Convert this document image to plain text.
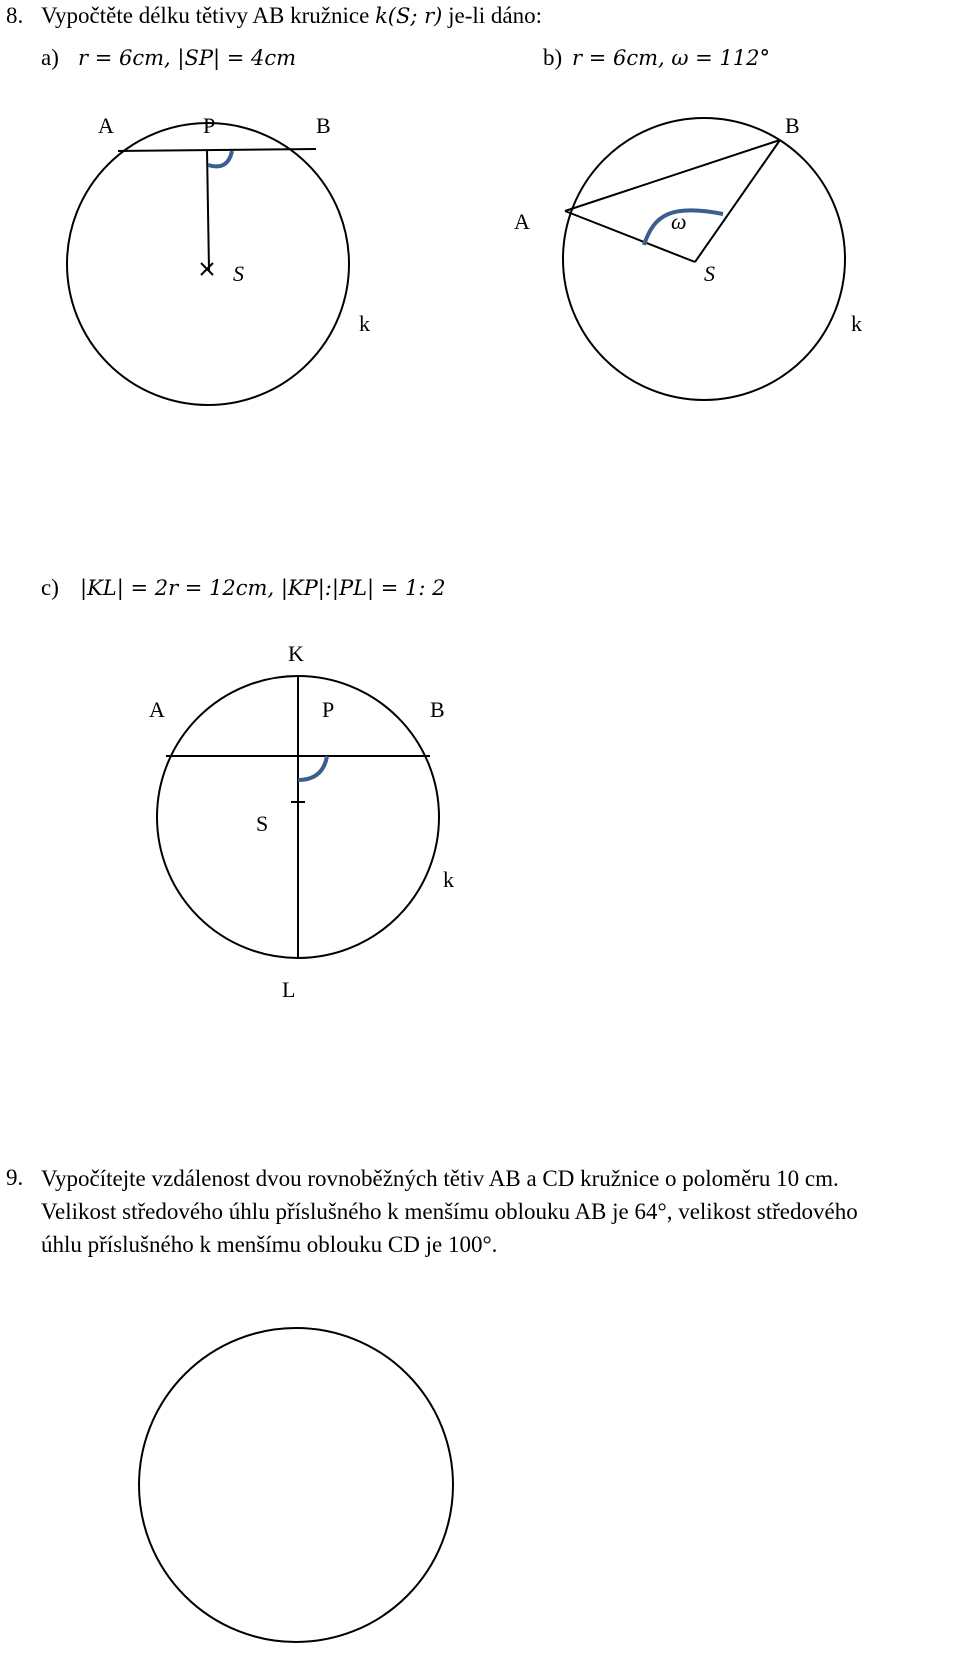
8. Vypočtěte délku tětivy AB kružnice k(S; r) je-li dáno:
a) r = 6cm, |SP| = 4cm	b) r = 6cm, ω = 112°
c) |KL| = 2r = 12cm, |KP|:|PL| = 1: 2
A	P	B
S
k
B
A	ω
S
k
K
A	P	B
S
k
L
9. Vypočítejte vzdálenost dvou rovnoběžných tětiv AB a CD kružnice o poloměru 10 cm.
Velikost středového úhlu příslušného k menšímu oblouku AB je 64°, velikost středového
úhlu příslušného k menšímu oblouku CD je 100°.
